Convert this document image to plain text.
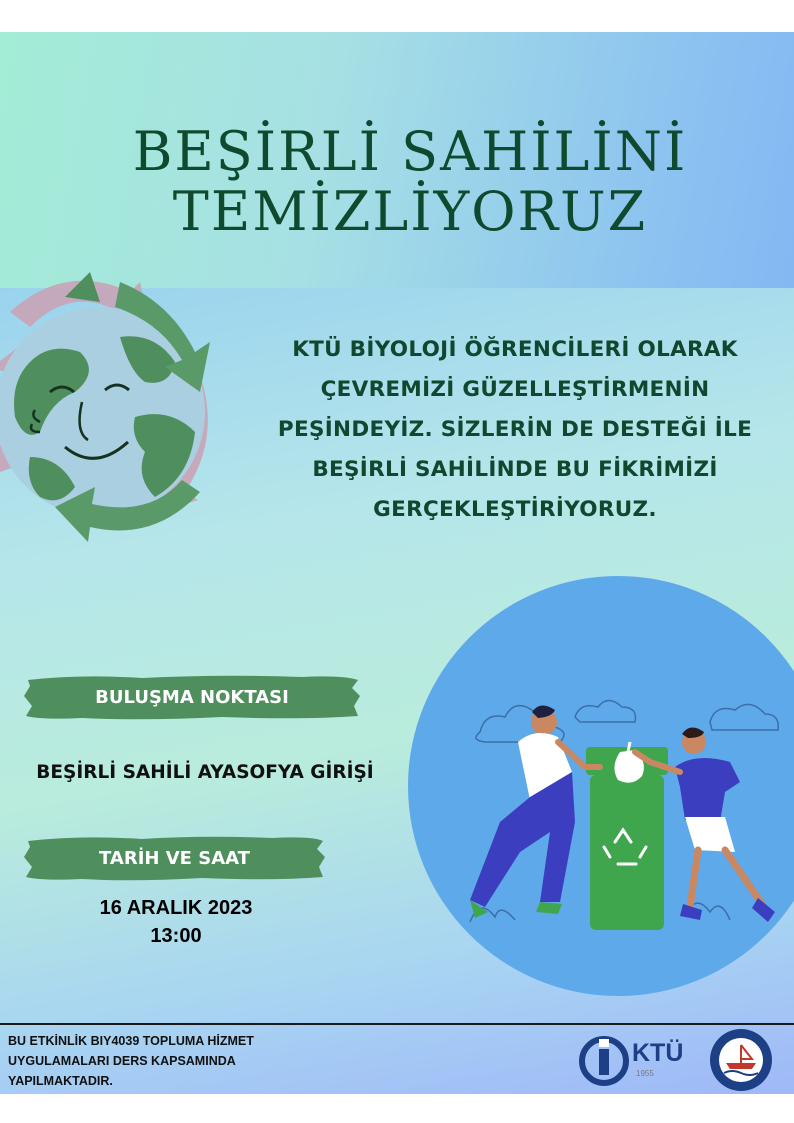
BEŞİRLİ SAHİLİNİ
TEMİZLİYORUZ
KTÜ BİYOLOJİ ÖĞRENCİLERİ OLARAK
ÇEVREMİZİ GÜZELLEŞTİRMENİN
PEŞİNDEYİZ. SİZLERİN DE DESTEĞİ İLE
BEŞİRLİ SAHİLİNDE BU FİKRİMİZİ
GERÇEKLEŞTİRİYORUZ.
BULUŞMA NOKTASI
BEŞİRLİ SAHİLİ AYASOFYA GİRİŞİ
TARİH VE SAAT
16 ARALIK 2023
13:00
BU ETKİNLİK BIY4039 TOPLUMA HİZMET
UYGULAMALARI DERS KAPSAMINDA
YAPILMAKTADIR.
KTÜ
1955
